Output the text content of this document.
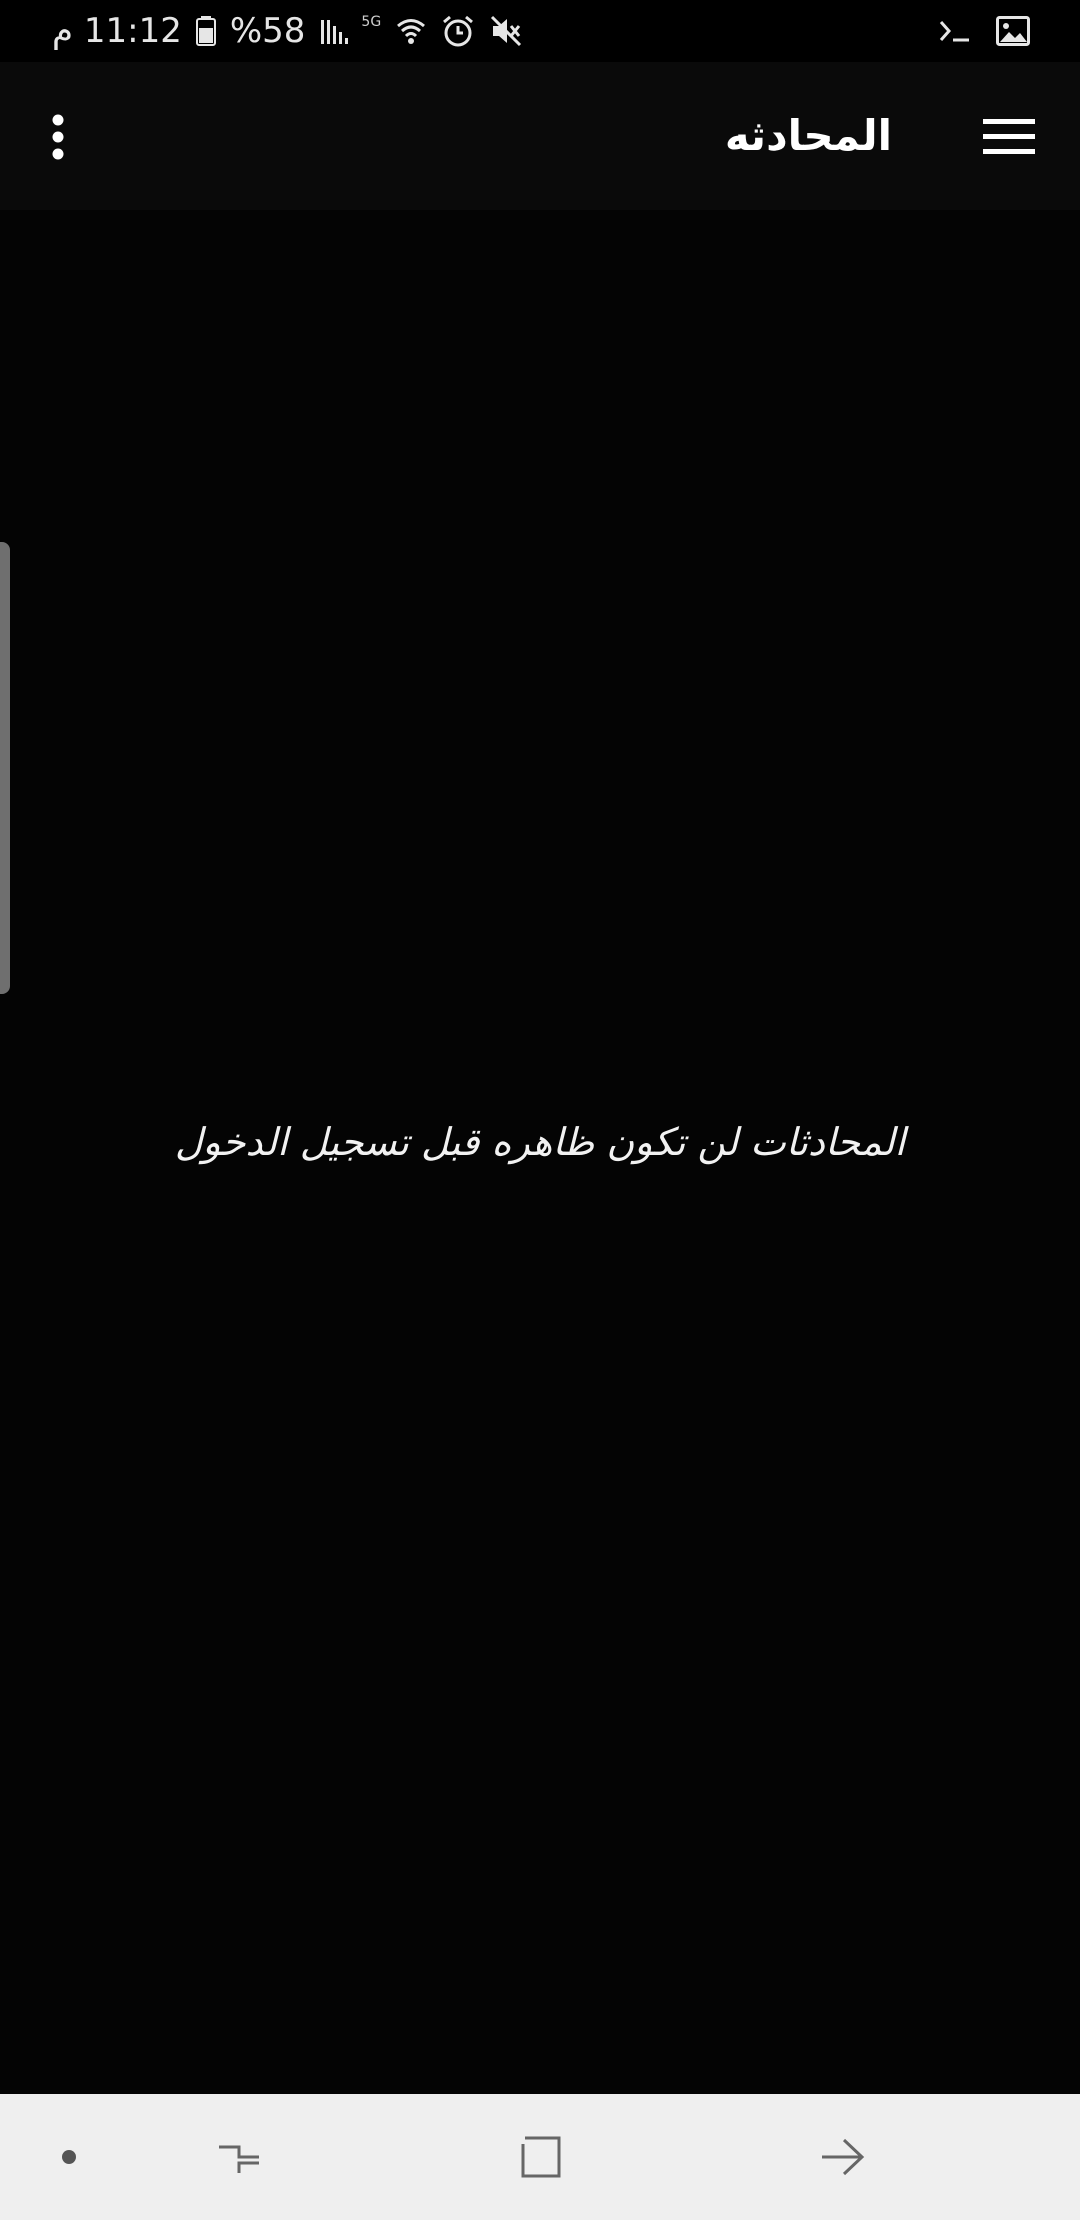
11:12 م %58	5G
المحادثه
المحادثات لن تكون ظاهره قبل تسجيل الدخول
